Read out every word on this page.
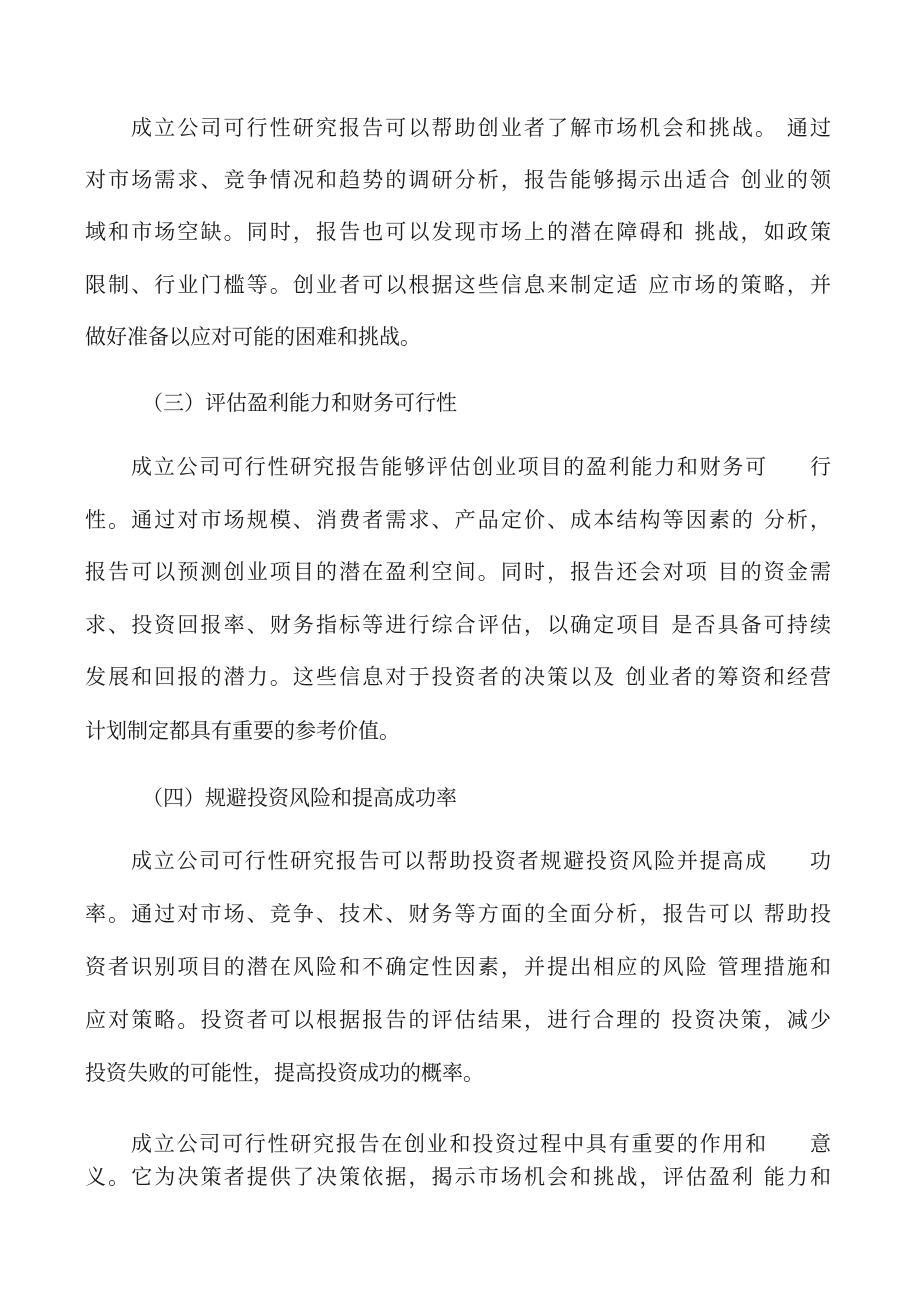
成立公司可行性研究报告可以帮助创业者了解市场机会和挑战。 通过
对市场需求、竞争情况和趋势的调研分析，报告能够揭示出适合 创业的领
域和市场空缺。同时，报告也可以发现市场上的潜在障碍和 挑战，如政策
限制、行业门槛等。创业者可以根据这些信息来制定适 应市场的策略，并
做好准备以应对可能的困难和挑战。
（三）评估盈利能力和财务可行性
成立公司可行性研究报告能够评估创业项目的盈利能力和财务可     行
性。通过对市场规模、消费者需求、产品定价、成本结构等因素的 分析，
报告可以预测创业项目的潜在盈利空间。同时，报告还会对项 目的资金需
求、投资回报率、财务指标等进行综合评估，以确定项目 是否具备可持续
发展和回报的潜力。这些信息对于投资者的决策以及 创业者的筹资和经营
计划制定都具有重要的参考价值。
（四）规避投资风险和提高成功率
成立公司可行性研究报告可以帮助投资者规避投资风险并提高成     功
率。通过对市场、竞争、技术、财务等方面的全面分析，报告可以 帮助投
资者识别项目的潜在风险和不确定性因素，并提出相应的风险 管理措施和
应对策略。投资者可以根据报告的评估结果，进行合理的 投资决策，减少
投资失败的可能性，提高投资成功的概率。
成立公司可行性研究报告在创业和投资过程中具有重要的作用和     意
义。它为决策者提供了决策依据，揭示市场机会和挑战，评估盈利 能力和
